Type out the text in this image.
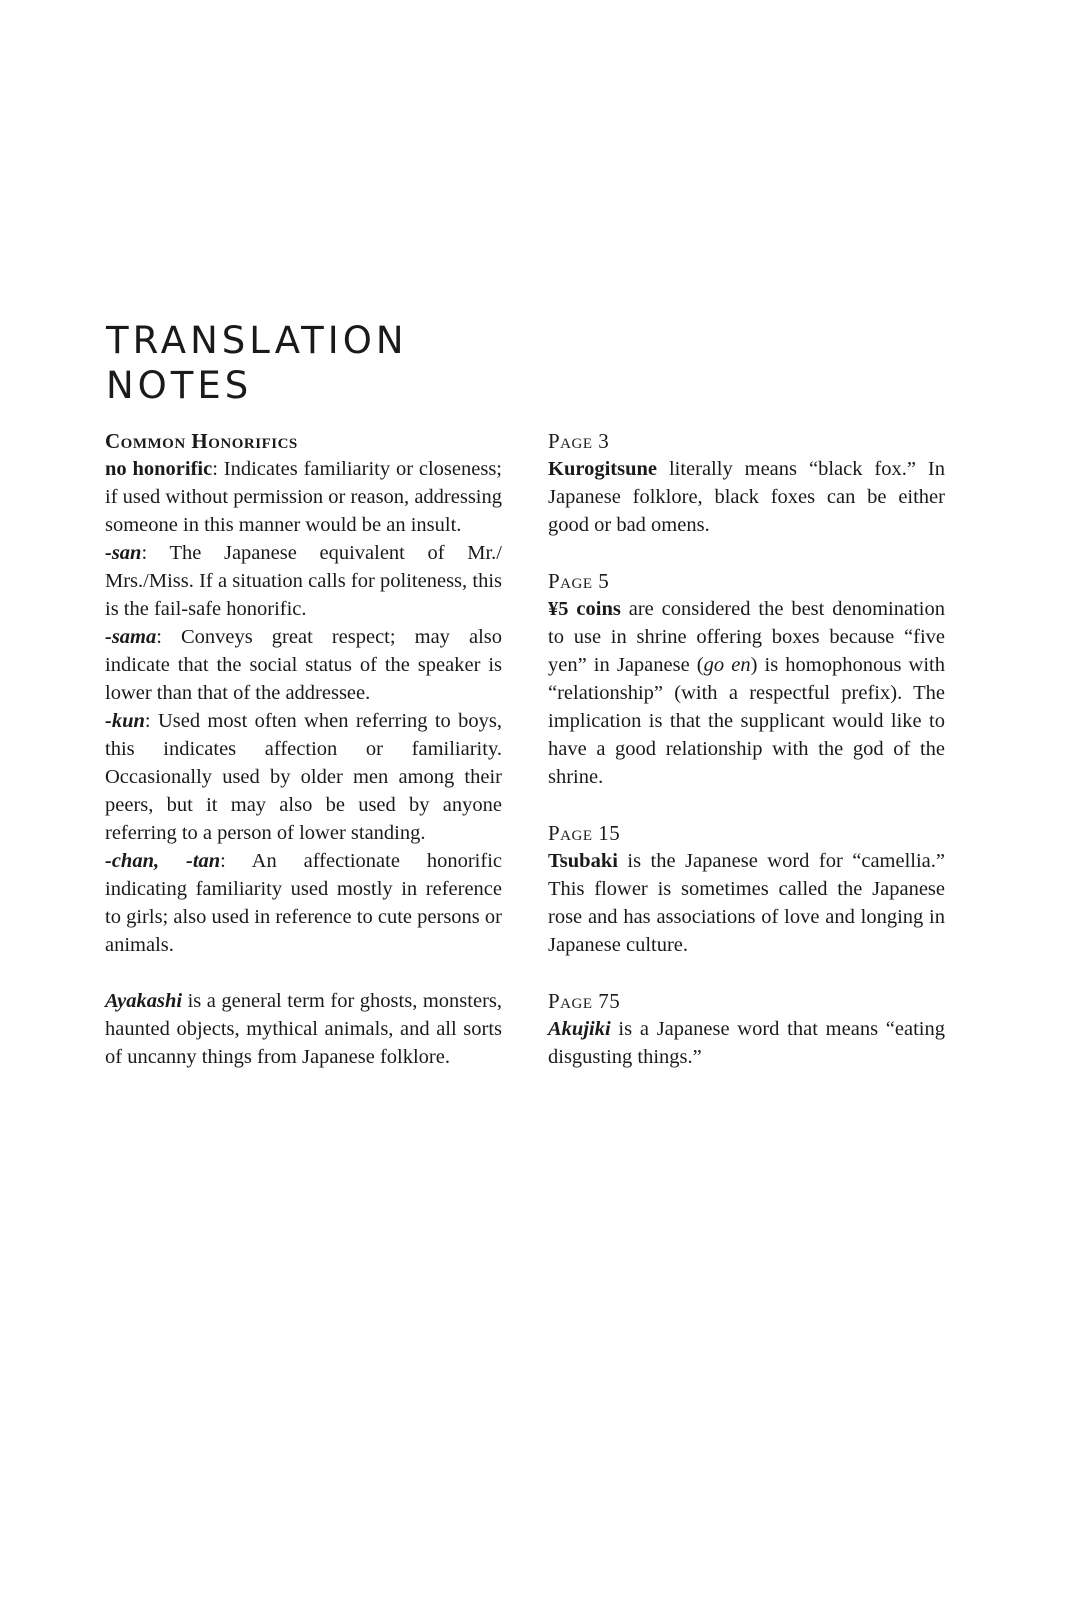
TRANSLATION
NOTES
Common Honorifics

no honorific: Indicates familiarity or closeness; if used without permission or reason, addressing someone in this manner would be an insult.

-san: The Japanese equivalent of Mr./​Mrs./Miss. If a situation calls for politeness, this is the fail-safe honorific.

-sama: Conveys great respect; may also indicate that the social status of the speaker is lower than that of the addressee.

-kun: Used most often when referring to boys, this indicates affection or familiarity. Occasionally used by older men among their peers, but it may also be used by anyone referring to a person of lower standing.

-chan, -tan: An affectionate honorific indicating familiarity used mostly in reference to girls; also used in reference to cute persons or animals.

Ayakashi is a general term for ghosts, monsters, haunted objects, mythical animals, and all sorts of uncanny things from Japanese folklore.

Page 3

Kurogitsune literally means “black fox.” In Japanese folklore, black foxes can be either good or bad omens.

Page 5

¥5 coins are considered the best denomination to use in shrine offering boxes because “five yen” in Japanese (go en) is homophonous with “relationship” (with a respectful prefix). The implication is that the supplicant would like to have a good relationship with the god of the shrine.

Page 15

Tsubaki is the Japanese word for “camellia.” This flower is sometimes called the Japanese rose and has associations of love and longing in Japanese culture.

Page 75

Akujiki is a Japanese word that means “eating disgusting things.”
